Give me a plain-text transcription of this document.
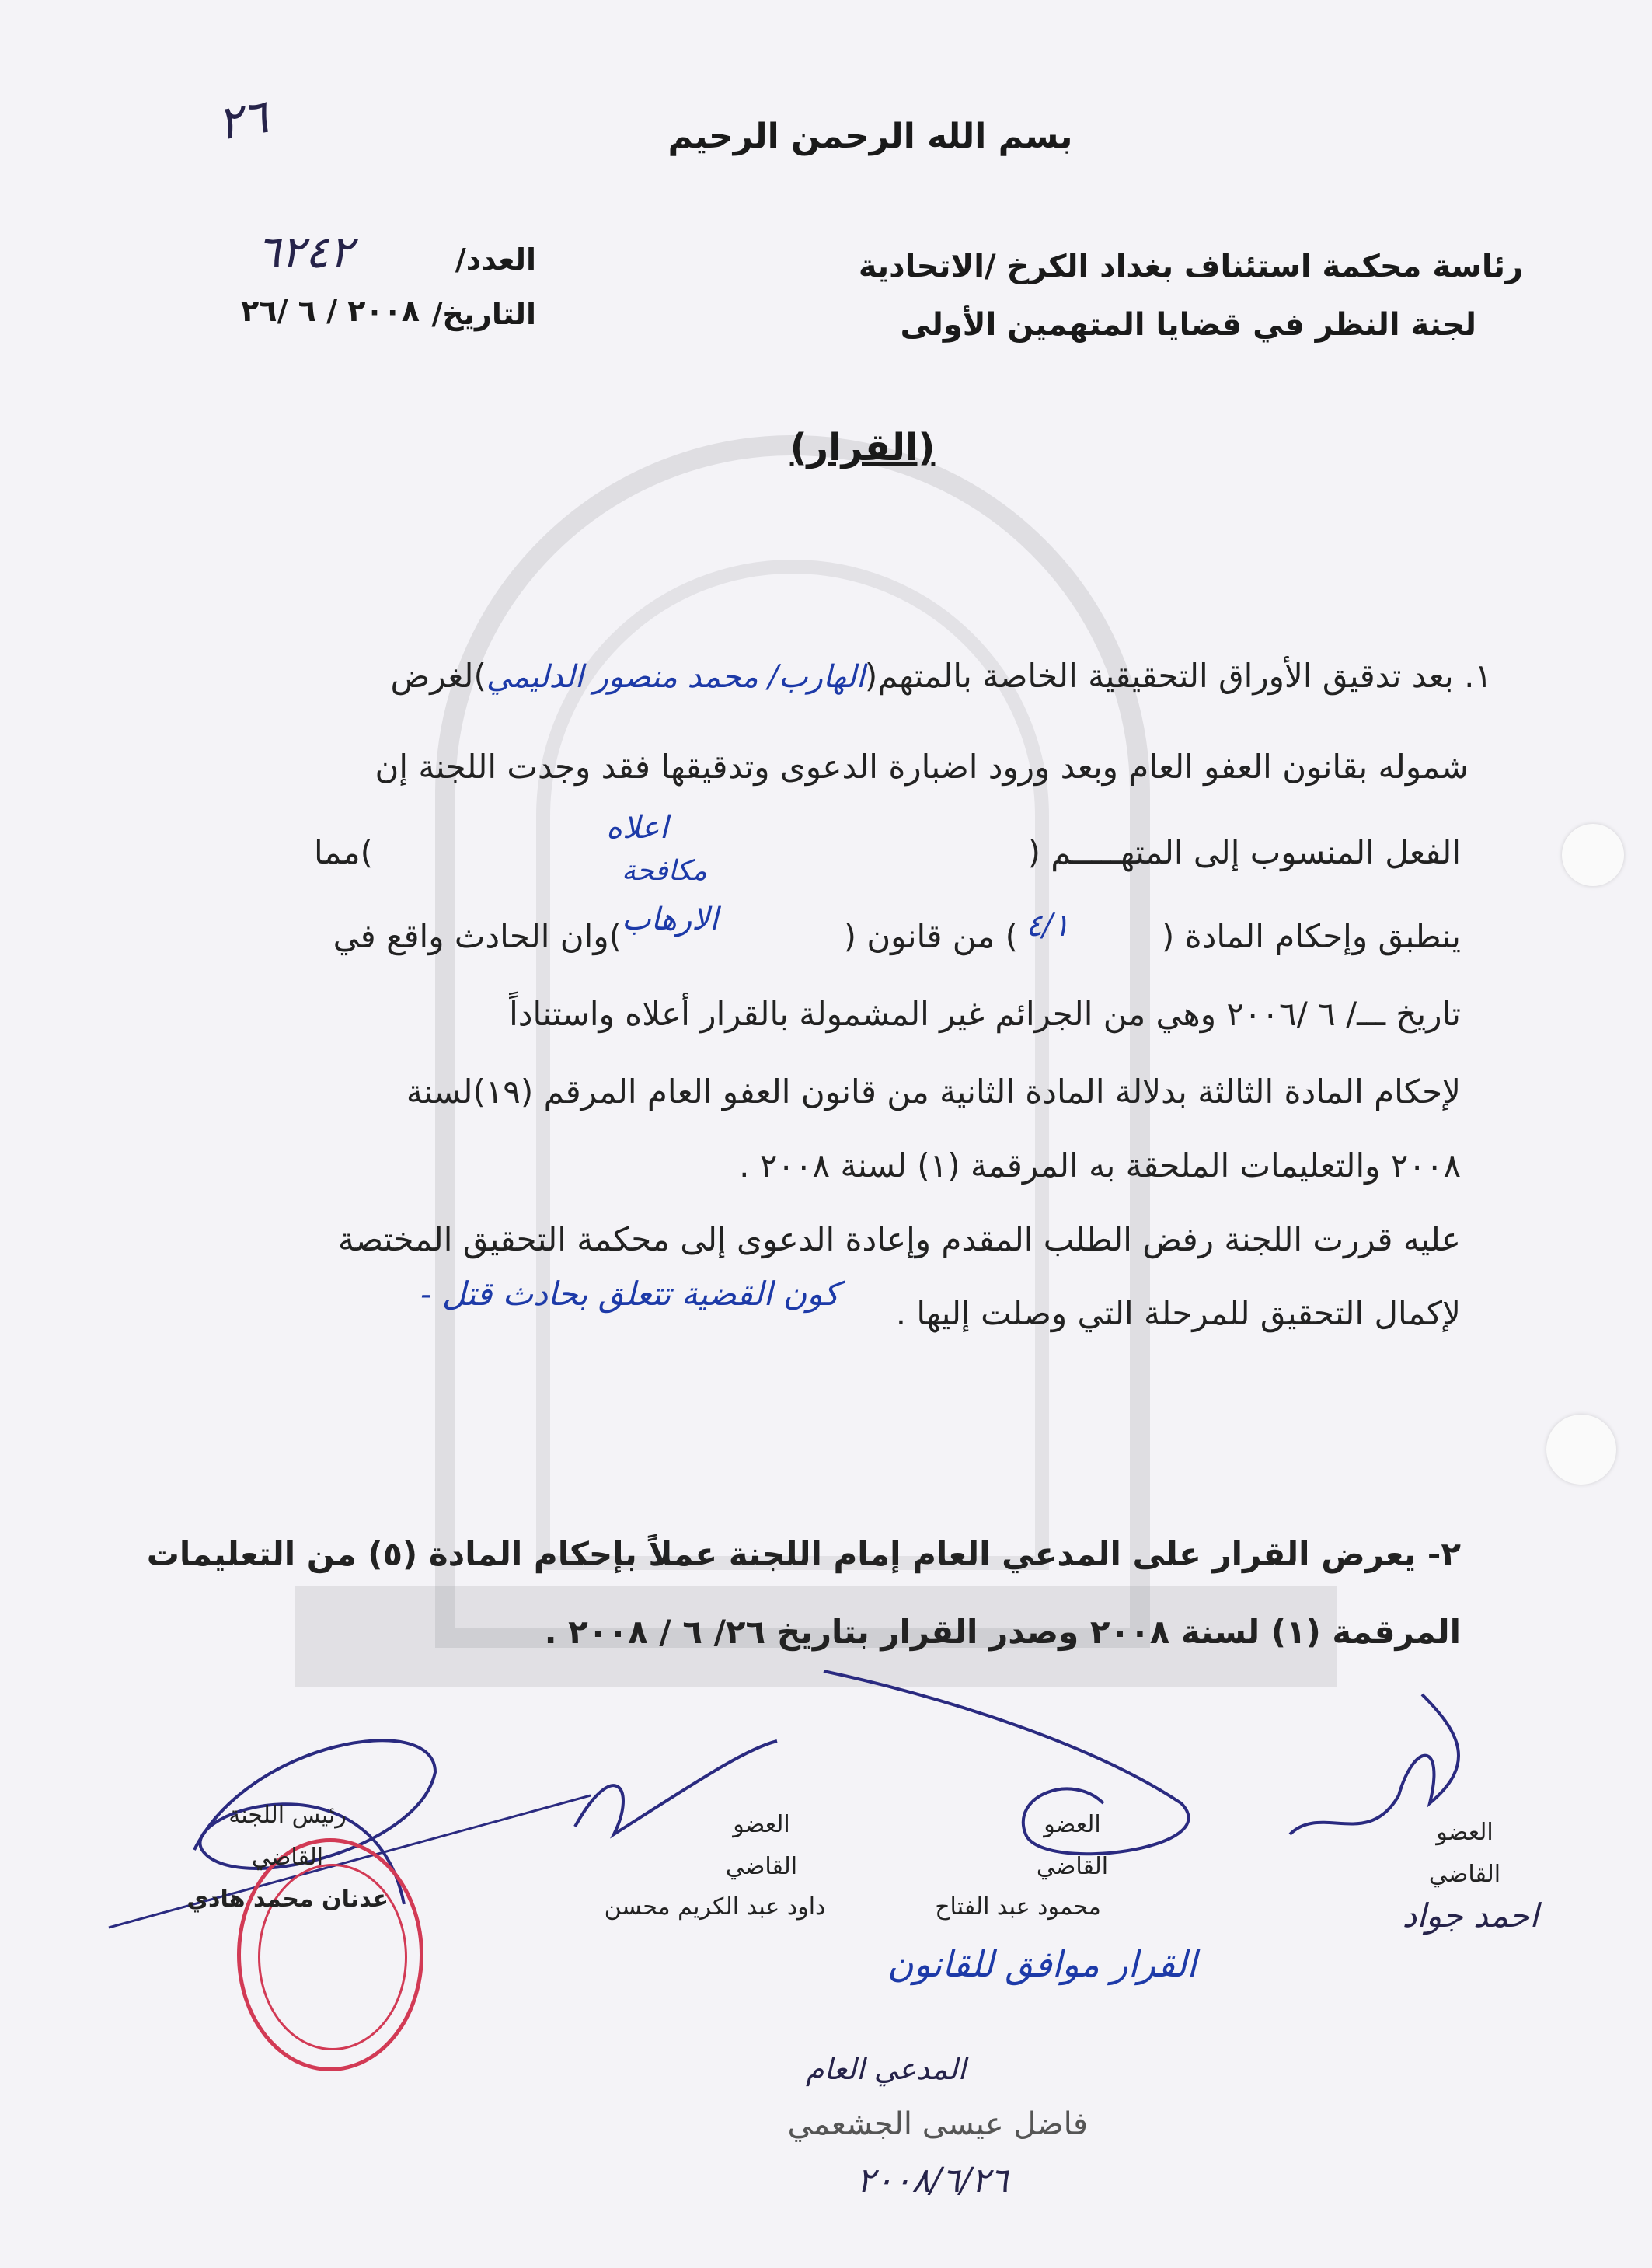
بسم الله الرحمن الرحيم
٢٦
رئاسة محكمة استئناف بغداد الكرخ /الاتحادية
لجنة النظر في قضايا المتهمين الأولى
العدد/
٦٢٤٢
التاريخ/
٢٠٠٨ / ٦ /٢٦
(القرار)
١. بعد تدقيق الأوراق التحقيقية الخاصة بالمتهم(الهارب/ محمد منصور الدليمي)لغرض
شموله بقانون العفو العام وبعد ورود اضبارة الدعوى وتدقيقها فقد وجدت اللجنة إن
الفعل المنسوب إلى المتهـــــم (
اعلاه
)مما
ينطبق وإحكام المادة (
٤/١
) من قانون (
مكافحة
الارهاب
)وان الحادث واقع في
تاريخ ـــ/ ٦ /٢٠٠٦ وهي من الجرائم غير المشمولة بالقرار أعلاه واستناداً
لإحكام المادة الثالثة بدلالة المادة الثانية من قانون العفو العام المرقم (١٩)لسنة
٢٠٠٨ والتعليمات الملحقة به المرقمة (١) لسنة ٢٠٠٨ .
عليه قررت اللجنة رفض الطلب المقدم وإعادة الدعوى إلى محكمة التحقيق المختصة
لإكمال التحقيق للمرحلة التي وصلت إليها .
كون القضية تتعلق بحادث قتل -
٢- يعرض القرار على المدعي العام إمام اللجنة عملاً بإحكام المادة (٥) من التعليمات
المرقمة (١) لسنة ٢٠٠٨ وصدر القرار بتاريخ ٢٦/ ٦ / ٢٠٠٨ .
رئيس اللجنة
القاضي
عدنان محمد هادي
العضو
القاضي
داود عبد الكريم محسن
العضو
القاضي
محمود عبد الفتاح
العضو
القاضي
احمد جواد
القرار موافق للقانون
المدعي العام
فاضل عيسى الجشعمي
٢٠٠٨/٦/٢٦
